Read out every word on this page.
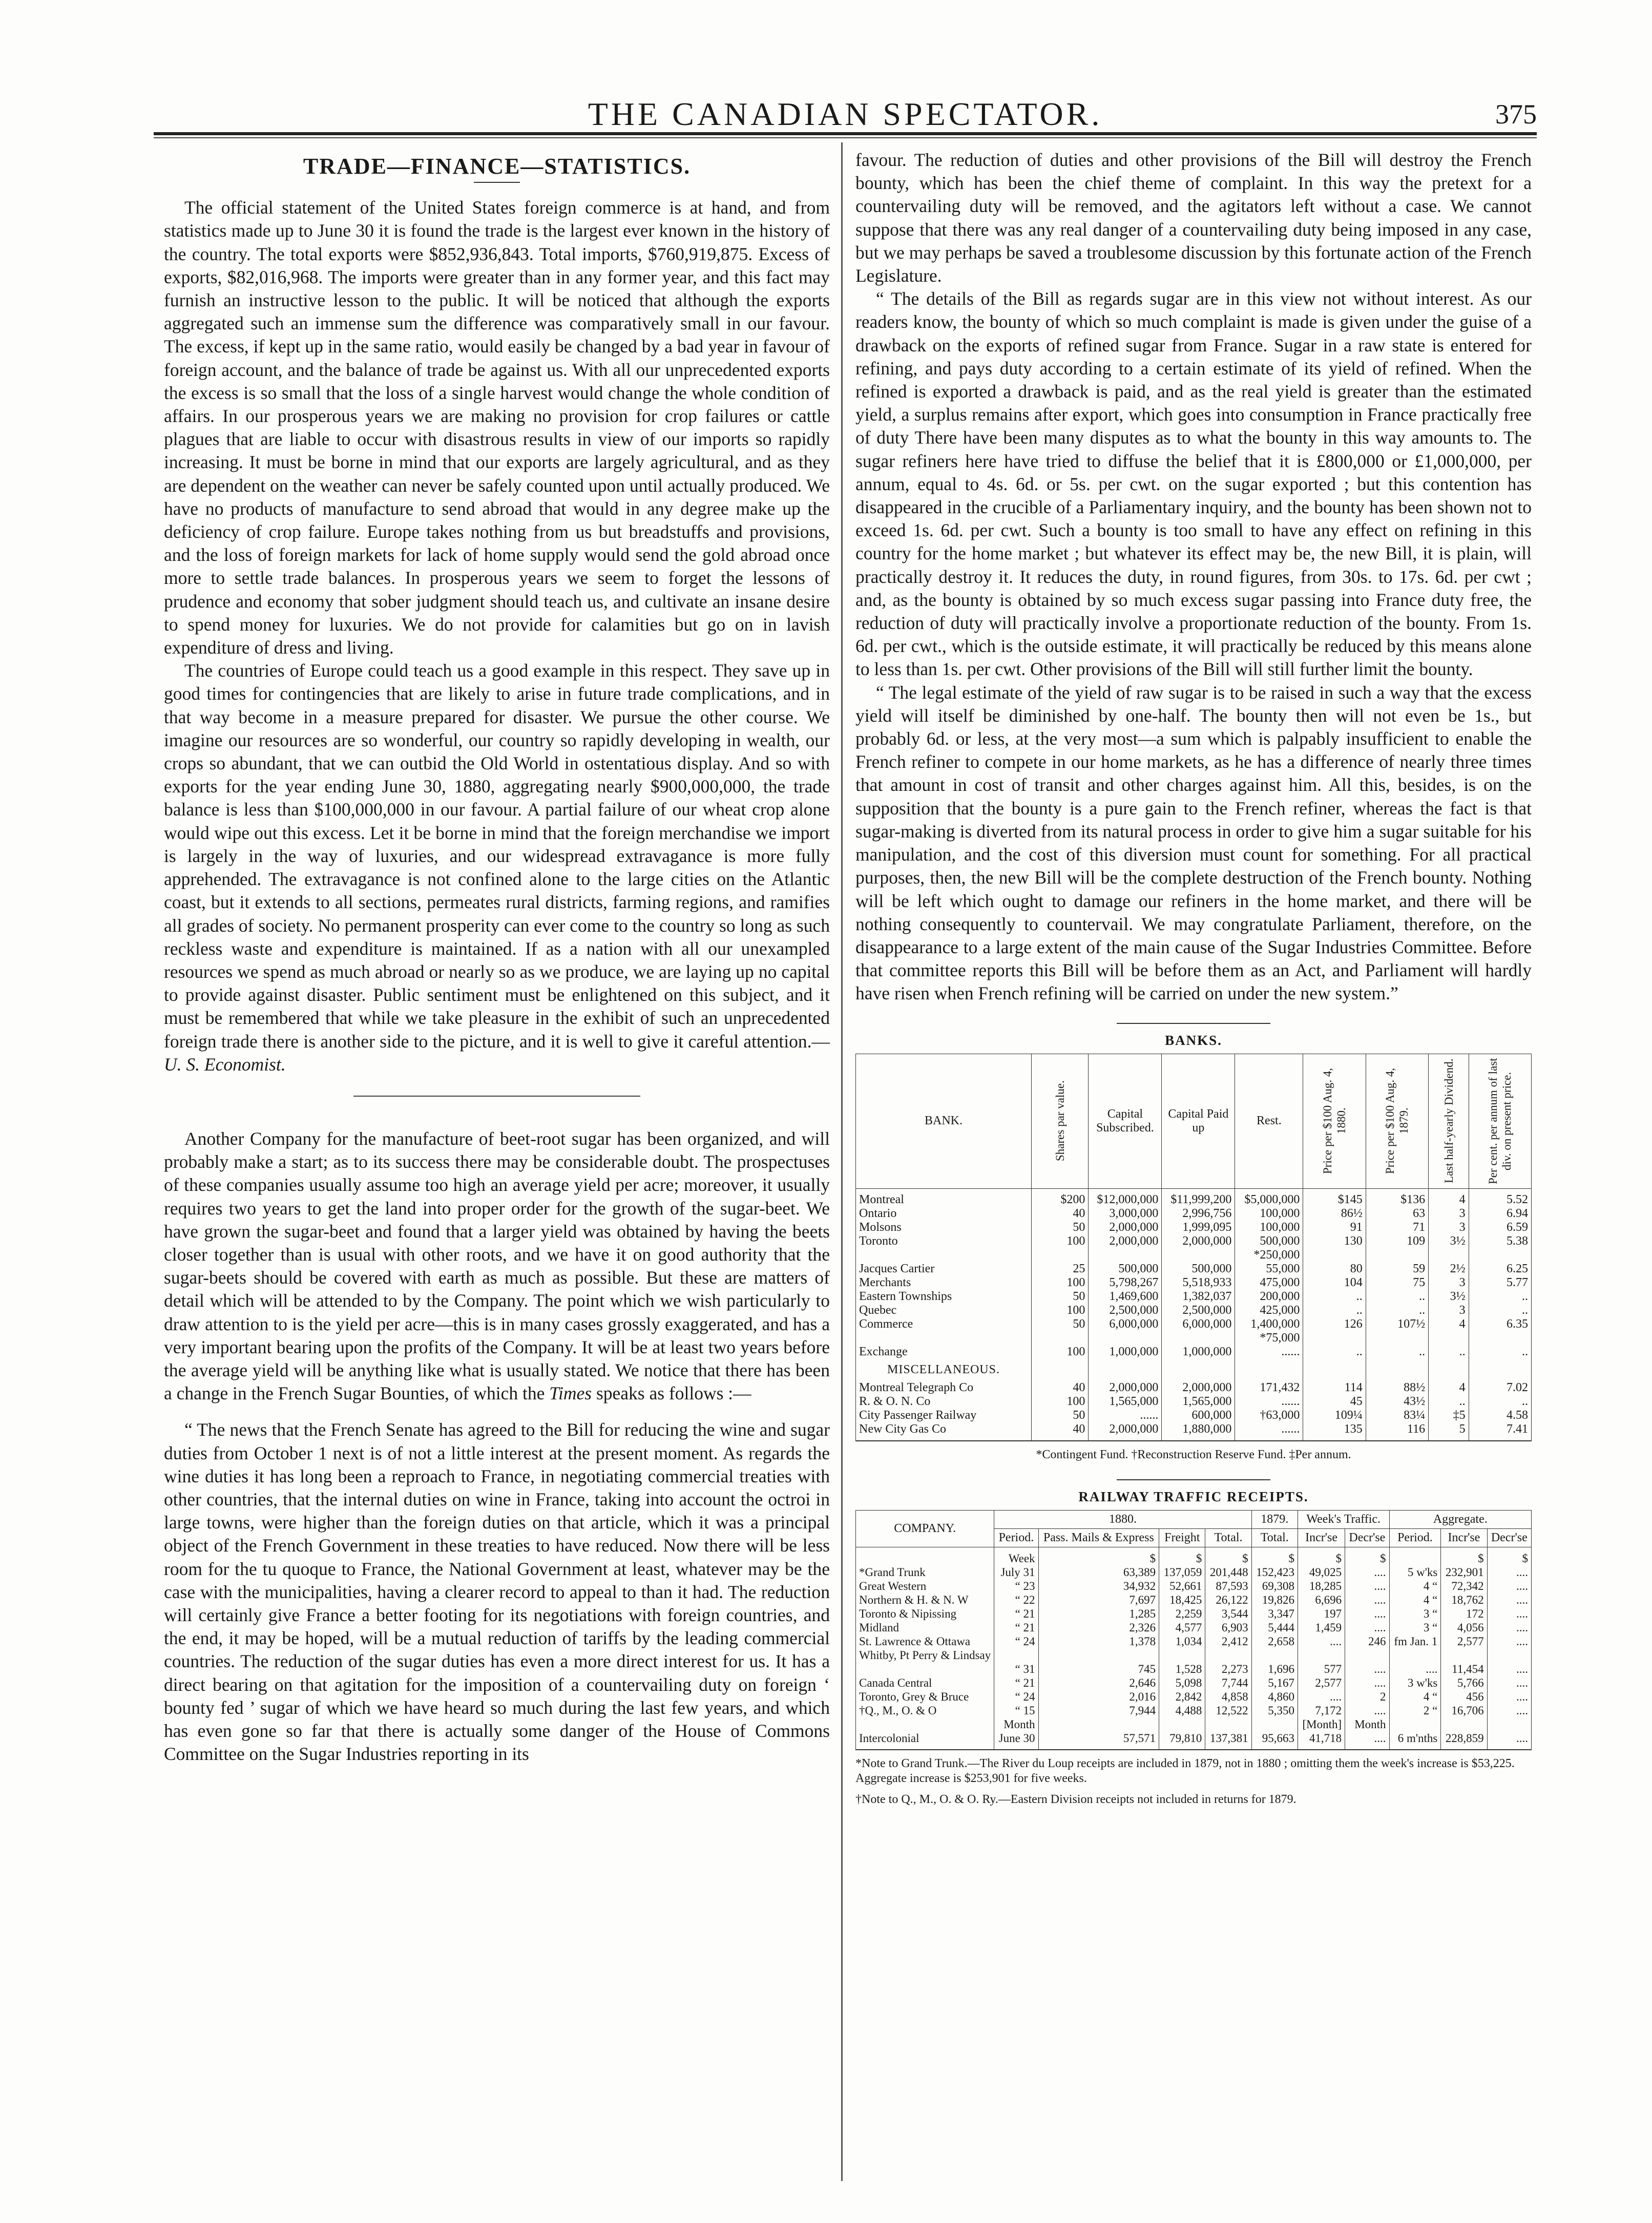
THE CANADIAN SPECTATOR.	375
TRADE—FINANCE—STATISTICS.

The official statement of the United States foreign commerce is at hand, and from statistics made up to June 30 it is found the trade is the largest ever known in the history of the country. The total exports were $852,936,843. Total imports, $760,919,875. Excess of exports, $82,016,968. The imports were greater than in any former year, and this fact may furnish an instructive lesson to the public. It will be noticed that although the exports aggregated such an immense sum the difference was comparatively small in our favour. The excess, if kept up in the same ratio, would easily be changed by a bad year in favour of foreign account, and the balance of trade be against us. With all our unprecedented exports the excess is so small that the loss of a single harvest would change the whole condition of affairs. In our prosperous years we are making no provision for crop failures or cattle plagues that are liable to occur with disastrous results in view of our imports so rapidly increasing. It must be borne in mind that our exports are largely agricultural, and as they are dependent on the weather can never be safely counted upon until actually produced. We have no products of manufacture to send abroad that would in any degree make up the deficiency of crop failure. Europe takes nothing from us but breadstuffs and provisions, and the loss of foreign markets for lack of home supply would send the gold abroad once more to settle trade balances. In prosperous years we seem to forget the lessons of prudence and economy that sober judgment should teach us, and cultivate an insane desire to spend money for luxuries. We do not provide for calamities but go on in lavish expenditure of dress and living.

The countries of Europe could teach us a good example in this respect. They save up in good times for contingencies that are likely to arise in future trade complications, and in that way become in a measure prepared for disaster. We pursue the other course. We imagine our resources are so wonderful, our country so rapidly developing in wealth, our crops so abundant, that we can outbid the Old World in ostentatious display. And so with exports for the year ending June 30, 1880, aggregating nearly $900,000,000, the trade balance is less than $100,000,000 in our favour. A partial failure of our wheat crop alone would wipe out this excess. Let it be borne in mind that the foreign merchandise we import is largely in the way of luxuries, and our widespread extravagance is more fully apprehended. The extravagance is not confined alone to the large cities on the Atlantic coast, but it extends to all sections, permeates rural districts, farming regions, and ramifies all grades of society. No permanent prosperity can ever come to the country so long as such reckless waste and expenditure is maintained. If as a nation with all our unexampled resources we spend as much abroad or nearly so as we produce, we are laying up no capital to provide against disaster. Public sentiment must be enlightened on this subject, and it must be remembered that while we take pleasure in the exhibit of such an unprecedented foreign trade there is another side to the picture, and it is well to give it careful attention.—U. S. Economist.

Another Company for the manufacture of beet-root sugar has been organized, and will probably make a start; as to its success there may be considerable doubt. The prospectuses of these companies usually assume too high an average yield per acre; moreover, it usually requires two years to get the land into proper order for the growth of the sugar-beet. We have grown the sugar-beet and found that a larger yield was obtained by having the beets closer together than is usual with other roots, and we have it on good authority that the sugar-beets should be covered with earth as much as possible. But these are matters of detail which will be attended to by the Company. The point which we wish particularly to draw attention to is the yield per acre—this is in many cases grossly exaggerated, and has a very important bearing upon the profits of the Company. It will be at least two years before the average yield will be anything like what is usually stated. We notice that there has been a change in the French Sugar Bounties, of which the Times speaks as follows :—

“ The news that the French Senate has agreed to the Bill for reducing the wine and sugar duties from October 1 next is of not a little interest at the present moment. As regards the wine duties it has long been a reproach to France, in negotiating commercial treaties with other countries, that the internal duties on wine in France, taking into account the octroi in large towns, were higher than the foreign duties on that article, which it was a principal object of the French Government in these treaties to have reduced. Now there will be less room for the tu quoque to France, the National Government at least, whatever may be the case with the municipalities, having a clearer record to appeal to than it had. The reduction will certainly give France a better footing for its negotiations with foreign countries, and the end, it may be hoped, will be a mutual reduction of tariffs by the leading commercial countries. The reduction of the sugar duties has even a more direct interest for us. It has a direct bearing on that agitation for the imposition of a countervailing duty on foreign ‘ bounty fed ’ sugar of which we have heard so much during the last few years, and which has even gone so far that there is actually some danger of the House of Commons Committee on the Sugar Industries reporting in its

favour. The reduction of duties and other provisions of the Bill will destroy the French bounty, which has been the chief theme of complaint. In this way the pretext for a countervailing duty will be removed, and the agitators left without a case. We cannot suppose that there was any real danger of a countervailing duty being imposed in any case, but we may perhaps be saved a troublesome discussion by this fortunate action of the French Legislature.

“ The details of the Bill as regards sugar are in this view not without interest. As our readers know, the bounty of which so much complaint is made is given under the guise of a drawback on the exports of refined sugar from France. Sugar in a raw state is entered for refining, and pays duty according to a certain estimate of its yield of refined. When the refined is exported a drawback is paid, and as the real yield is greater than the estimated yield, a surplus remains after export, which goes into consumption in France practically free of duty There have been many disputes as to what the bounty in this way amounts to. The sugar refiners here have tried to diffuse the belief that it is £800,000 or £1,000,000, per annum, equal to 4s. 6d. or 5s. per cwt. on the sugar exported ; but this contention has disappeared in the crucible of a Parliamentary inquiry, and the bounty has been shown not to exceed 1s. 6d. per cwt. Such a bounty is too small to have any effect on refining in this country for the home market ; but whatever its effect may be, the new Bill, it is plain, will practically destroy it. It reduces the duty, in round figures, from 30s. to 17s. 6d. per cwt ; and, as the bounty is obtained by so much excess sugar passing into France duty free, the reduction of duty will practically involve a proportionate reduction of the bounty. From 1s. 6d. per cwt., which is the outside estimate, it will practically be reduced by this means alone to less than 1s. per cwt. Other provisions of the Bill will still further limit the bounty.

“ The legal estimate of the yield of raw sugar is to be raised in such a way that the excess yield will itself be diminished by one-half. The bounty then will not even be 1s., but probably 6d. or less, at the very most—a sum which is palpably insufficient to enable the French refiner to compete in our home markets, as he has a difference of nearly three times that amount in cost of transit and other charges against him. All this, besides, is on the supposition that the bounty is a pure gain to the French refiner, whereas the fact is that sugar-making is diverted from its natural process in order to give him a sugar suitable for his manipulation, and the cost of this diversion must count for something. For all practical purposes, then, the new Bill will be the complete destruction of the French bounty. Nothing will be left which ought to damage our refiners in the home market, and there will be nothing consequently to countervail. We may congratulate Parliament, therefore, on the disappearance to a large extent of the main cause of the Sugar Industries Committee. Before that committee reports this Bill will be before them as an Act, and Parliament will hardly have risen when French refining will be carried on under the new system.”

BANKS.
BANK.	Shares par value.	Capital Subscribed.	Capital Paid up	Rest.	Price per $100 Aug. 4, 1880.	Price per $100 Aug. 4, 1879.	Last half-yearly Dividend.	Per cent. per annum of last div. on present price.
Montreal	$200	$12,000,000	$11,999,200	$5,000,000	$145	$136	4	5.52
Ontario	40	3,000,000	2,996,756	100,000	86½	63	3	6.94
Molsons	50	2,000,000	1,999,095	100,000	91	71	3	6.59
Toronto	100	2,000,000	2,000,000	500,000	130	109	3½	5.38
				*250,000				
Jacques Cartier	25	500,000	500,000	55,000	80	59	2½	6.25
Merchants	100	5,798,267	5,518,933	475,000	104	75	3	5.77
Eastern Townships	50	1,469,600	1,382,037	200,000	..	..	3½	..
Quebec	100	2,500,000	2,500,000	425,000	..	..	3	..
Commerce	50	6,000,000	6,000,000	1,400,000	126	107½	4	6.35
				*75,000				
Exchange	100	1,000,000	1,000,000	......	..	..	..	..
MISCELLANEOUS.								
Montreal Telegraph Co	40	2,000,000	2,000,000	171,432	114	88½	4	7.02
R. & O. N. Co	100	1,565,000	1,565,000	......	45	43½	..	..
City Passenger Railway	50	......	600,000	†63,000	109¼	83¼	‡5	4.58
New City Gas Co	40	2,000,000	1,880,000	......	135	116	5	7.41
*Contingent Fund. †Reconstruction Reserve Fund. ‡Per annum.
RAILWAY TRAFFIC RECEIPTS.
COMPANY.	1880.				1879.	Week's Traffic.		Aggregate.		
	Period.	Pass. Mails & Express	Freight	Total.	Total.	Incr'se	Decr'se	Period.	Incr'se	Decr'se
	Week	$	$	$	$	$	$		$	$
*Grand Trunk	July 31	63,389	137,059	201,448	152,423	49,025	....	5 w'ks	232,901	....
Great Western	“ 23	34,932	52,661	87,593	69,308	18,285	....	4 “	72,342	....
Northern & H. & N. W	“ 22	7,697	18,425	26,122	19,826	6,696	....	4 “	18,762	....
Toronto & Nipissing	“ 21	1,285	2,259	3,544	3,347	197	....	3 “	172	....
Midland	“ 21	2,326	4,577	6,903	5,444	1,459	....	3 “	4,056	....
St. Lawrence & Ottawa	“ 24	1,378	1,034	2,412	2,658	....	246	fm Jan. 1	2,577	....
Whitby, Pt Perry & Lindsay										
	“ 31	745	1,528	2,273	1,696	577	....	....	11,454	....
Canada Central	“ 21	2,646	5,098	7,744	5,167	2,577	....	3 w'ks	5,766	....
Toronto, Grey & Bruce	“ 24	2,016	2,842	4,858	4,860	....	2	4 “	456	....
†Q., M., O. & O	“ 15	7,944	4,488	12,522	5,350	7,172	....	2 “	16,706	....
	Month					[Month]	Month			
Intercolonial	June 30	57,571	79,810	137,381	95,663	41,718	....	6 m'nths	228,859	....
*Note to Grand Trunk.—The River du Loup receipts are included in 1879, not in 1880 ; omitting them the week's increase is $53,225. Aggregate increase is $253,901 for five weeks.
†Note to Q., M., O. & O. Ry.—Eastern Division receipts not included in returns for 1879.
